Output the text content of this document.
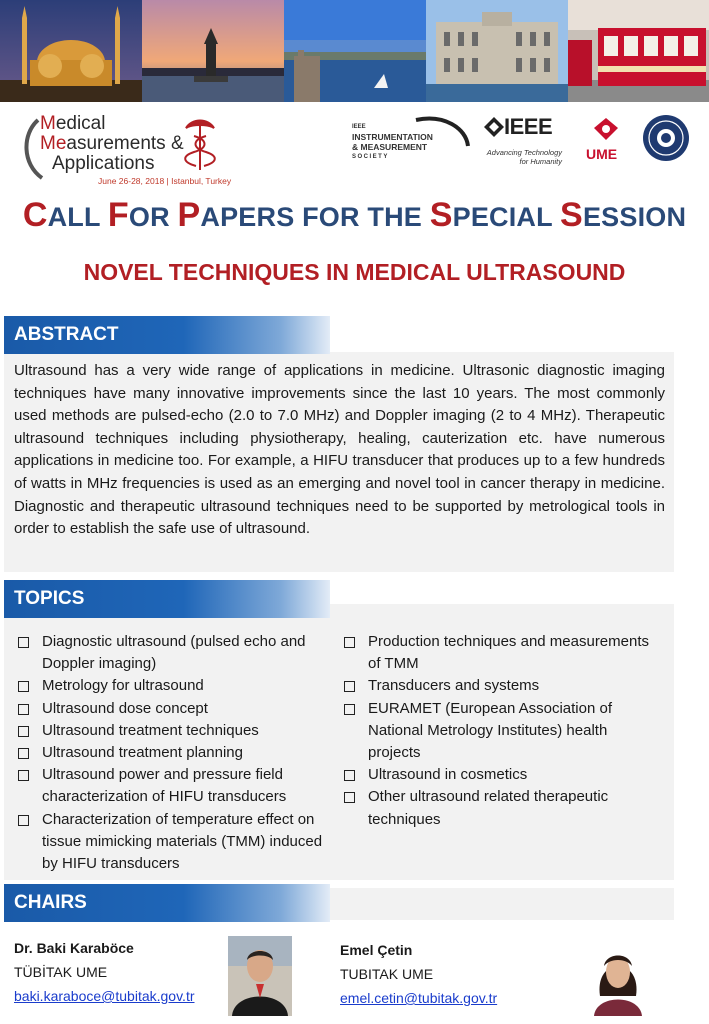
Medical
Measurements &
Applications
June 26-28, 2018 | Istanbul, Turkey
IEEE
INSTRUMENTATION
& MEASUREMENT
SOCIETY
IEEE
Advancing Technology for Humanity UME
CALL FOR PAPERS FOR THE SPECIAL SESSION
NOVEL TECHNIQUES IN MEDICAL ULTRASOUND
ABSTRACT

Ultrasound has a very wide range of applications in medicine. Ultrasonic diagnostic imaging techniques have many innovative improvements since the last 10 years. The most commonly used methods are pulsed-echo (2.0 to 7.0 MHz) and Doppler imaging (2 to 4 MHz). Therapeutic ultrasound techniques including physiotherapy, healing, cauterization etc. have numerous applications in medicine too. For example, a HIFU transducer that produces up to a few hundreds of watts in MHz frequencies is used as an emerging and novel tool in cancer therapy in medicine. Diagnostic and therapeutic ultrasound techniques need to be supported by metrological tools in order to establish the safe use of ultrasound.

TOPICS
Diagnostic ultrasound (pulsed echo and Doppler imaging)
Metrology for ultrasound
Ultrasound dose concept
Ultrasound treatment techniques
Ultrasound treatment planning
Ultrasound power and pressure field characterization of HIFU transducers
Characterization of temperature effect on tissue mimicking materials (TMM) induced by HIFU transducers
Production techniques and measurements of TMM
Transducers and systems
EURAMET (European Association of National Metrology Institutes) health projects
Ultrasound in cosmetics
Other ultrasound related therapeutic techniques
CHAIRS
Dr. Baki Karaböce
TÜBİTAK UME
baki.karaboce@tubitak.gov.tr
Emel Çetin
TUBITAK UME
emel.cetin@tubitak.gov.tr
